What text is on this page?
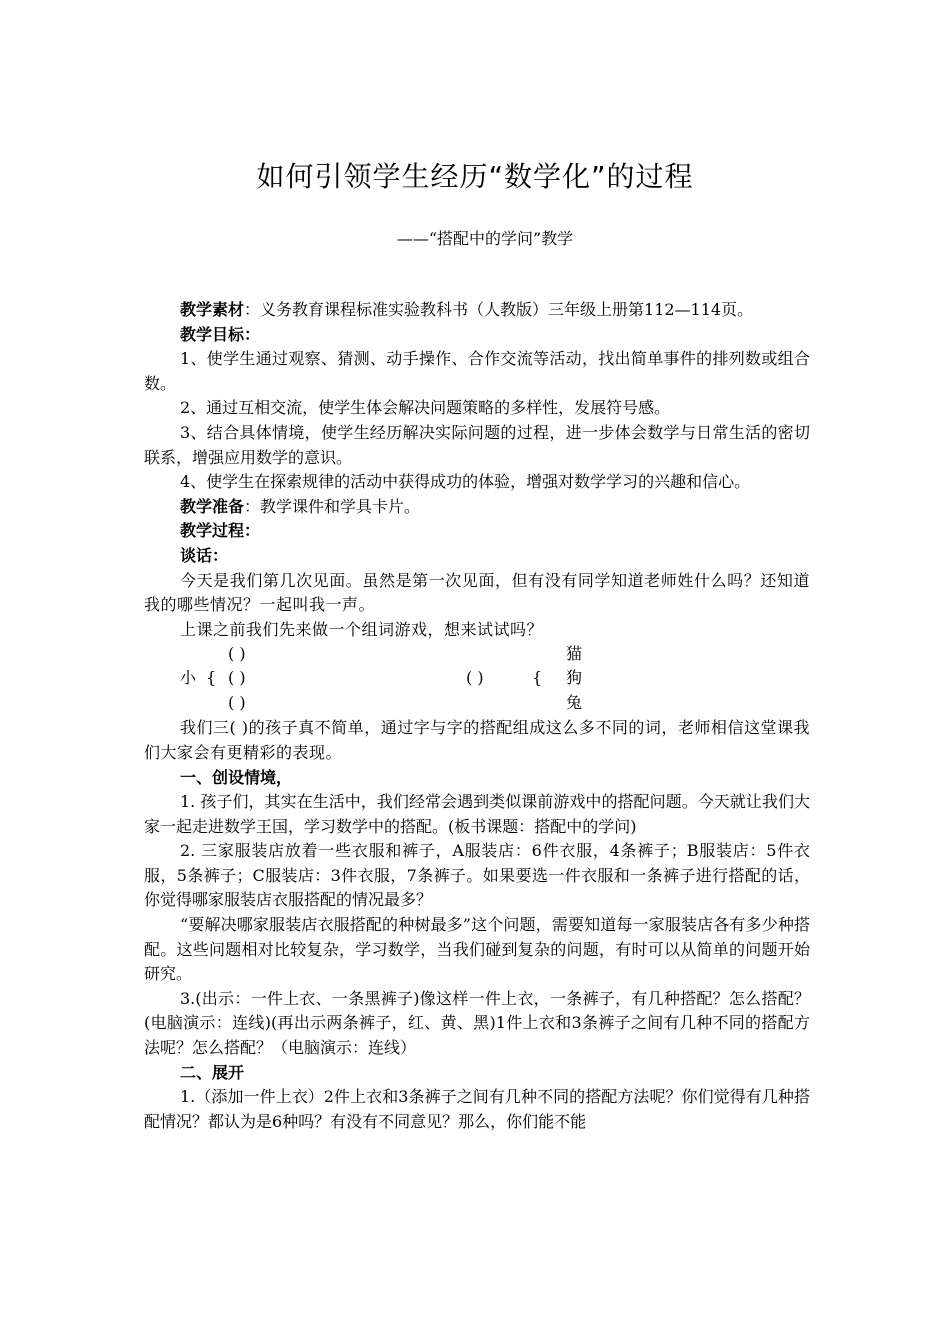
如何引领学生经历“数学化”的过程
——“搭配中的学问”教学

教学素材：义务教育课程标准实验教科书（人教版）三年级上册第112—114页。

教学目标：

1、使学生通过观察、猜测、动手操作、合作交流等活动，找出简单事件的排列数或组合数。

2、通过互相交流，使学生体会解决问题策略的多样性，发展符号感。

3、结合具体情境，使学生经历解决实际问题的过程，进一步体会数学与日常生活的密切联系，增强应用数学的意识。

4、使学生在探索规律的活动中获得成功的体验，增强对数学学习的兴趣和信心。

教学准备：教学课件和学具卡片。

教学过程：

谈话：

今天是我们第几次见面。虽然是第一次见面，但有没有同学知道老师姓什么吗？还知道我的哪些情况？一起叫我一声。

上课之前我们先来做一个组词游戏，想来试试吗？

( )
小 { ( )
( )
( )	{
猫
狗
兔

我们三( )的孩子真不简单，通过字与字的搭配组成这么多不同的词，老师相信这堂课我们大家会有更精彩的表现。

一、创设情境，

1. 孩子们，其实在生活中，我们经常会遇到类似课前游戏中的搭配问题。今天就让我们大家一起走进数学王国，学习数学中的搭配。(板书课题：搭配中的学问)

2. 三家服装店放着一些衣服和裤子，A服装店：6件衣服，4条裤子；B服装店：5件衣服，5条裤子；C服装店：3件衣服，7条裤子。如果要选一件衣服和一条裤子进行搭配的话，你觉得哪家服装店衣服搭配的情况最多？

“要解决哪家服装店衣服搭配的种树最多”这个问题，需要知道每一家服装店各有多少种搭配。这些问题相对比较复杂，学习数学，当我们碰到复杂的问题，有时可以从简单的问题开始研究。

3.(出示：一件上衣、一条黑裤子)像这样一件上衣，一条裤子，有几种搭配？怎么搭配？(电脑演示：连线)(再出示两条裤子，红、黄、黑)1件上衣和3条裤子之间有几种不同的搭配方法呢？怎么搭配？（电脑演示：连线）

二、展开

1.（添加一件上衣）2件上衣和3条裤子之间有几种不同的搭配方法呢？你们觉得有几种搭配情况？都认为是6种吗？有没有不同意见？那么，你们能不能
